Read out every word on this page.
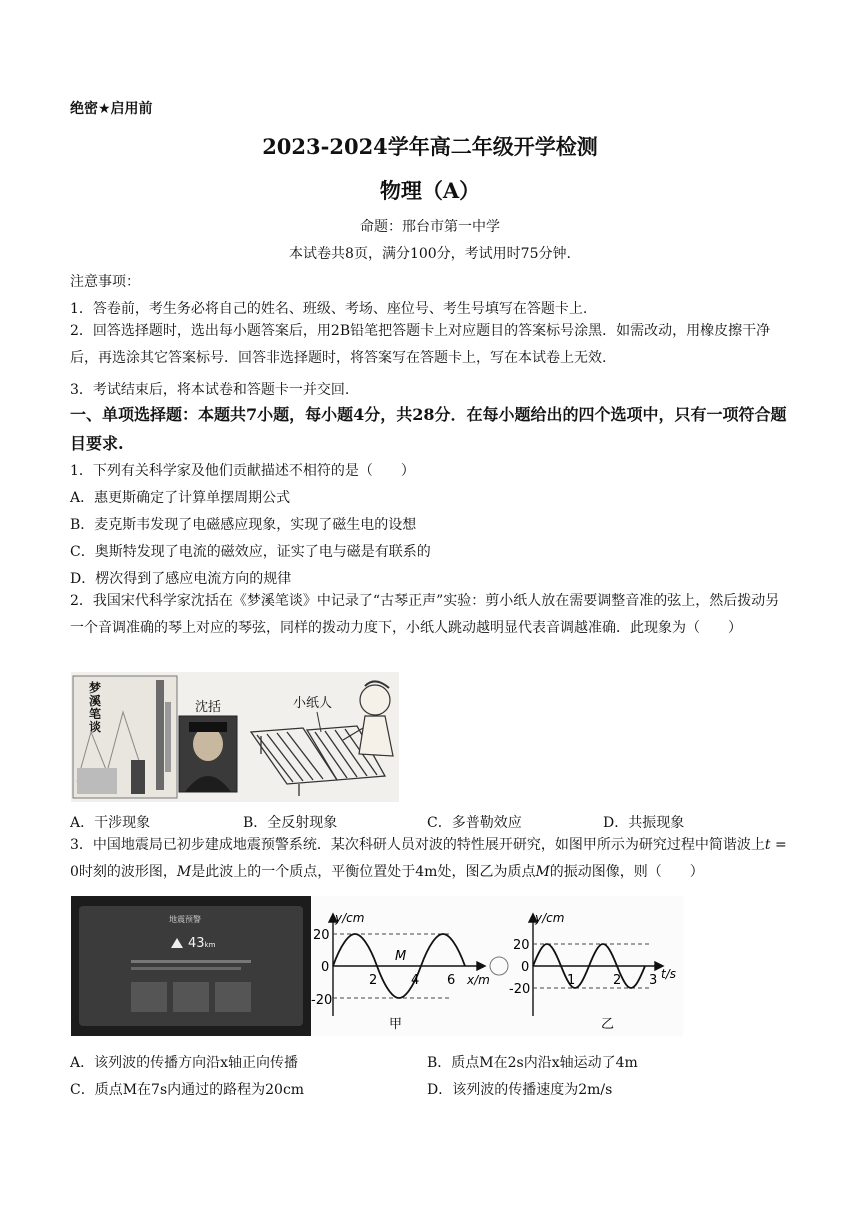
绝密★启用前
2023-2024学年高二年级开学检测
物理（A）
命题：邢台市第一中学
本试卷共8页，满分100分，考试用时75分钟.
注意事项：
1．答卷前，考生务必将自己的姓名、班级、考场、座位号、考生号填写在答题卡上.
2．回答选择题时，选出每小题答案后，用2B铅笔把答题卡上对应题目的答案标号涂黑．如需改动，用橡皮擦干净后，再选涂其它答案标号．回答非选择题时，将答案写在答题卡上，写在本试卷上无效.
3．考试结束后，将本试卷和答题卡一并交回.
一、单项选择题：本题共7小题，每小题4分，共28分．在每小题给出的四个选项中，只有一项符合题目要求.
1．下列有关科学家及他们贡献描述不相符的是（　　）
A．惠更斯确定了计算单摆周期公式
B．麦克斯韦发现了电磁感应现象，实现了磁生电的设想
C．奥斯特发现了电流的磁效应，证实了电与磁是有联系的
D．楞次得到了感应电流方向的规律
2．我国宋代科学家沈括在《梦溪笔谈》中记录了“古琴正声”实验：剪小纸人放在需要调整音准的弦上，然后拨动另一个音调准确的琴上对应的琴弦，同样的拨动力度下，小纸人跳动越明显代表音调越准确．此现象为（　　）
梦溪笔谈
沈括	小纸人
A．干涉现象	B．全反射现象	C．多普勒效应	D．共振现象
3．中国地震局已初步建成地震预警系统．某次科研人员对波的特性展开研究，如图甲所示为研究过程中简谐波上t = 0时刻的波形图，M是此波上的一个质点，平衡位置处于4m处，图乙为质点M的振动图像，则（　　）
地震预警
43km
y/cm
x/m
20
0
-20
2	4 6
M
甲
y/cm
t/s
20
0
-20
1	2 3
乙
A．该列波的传播方向沿x轴正向传播	B．质点M在2s内沿x轴运动了4m
C．质点M在7s内通过的路程为20cm	D．该列波的传播速度为2m/s
